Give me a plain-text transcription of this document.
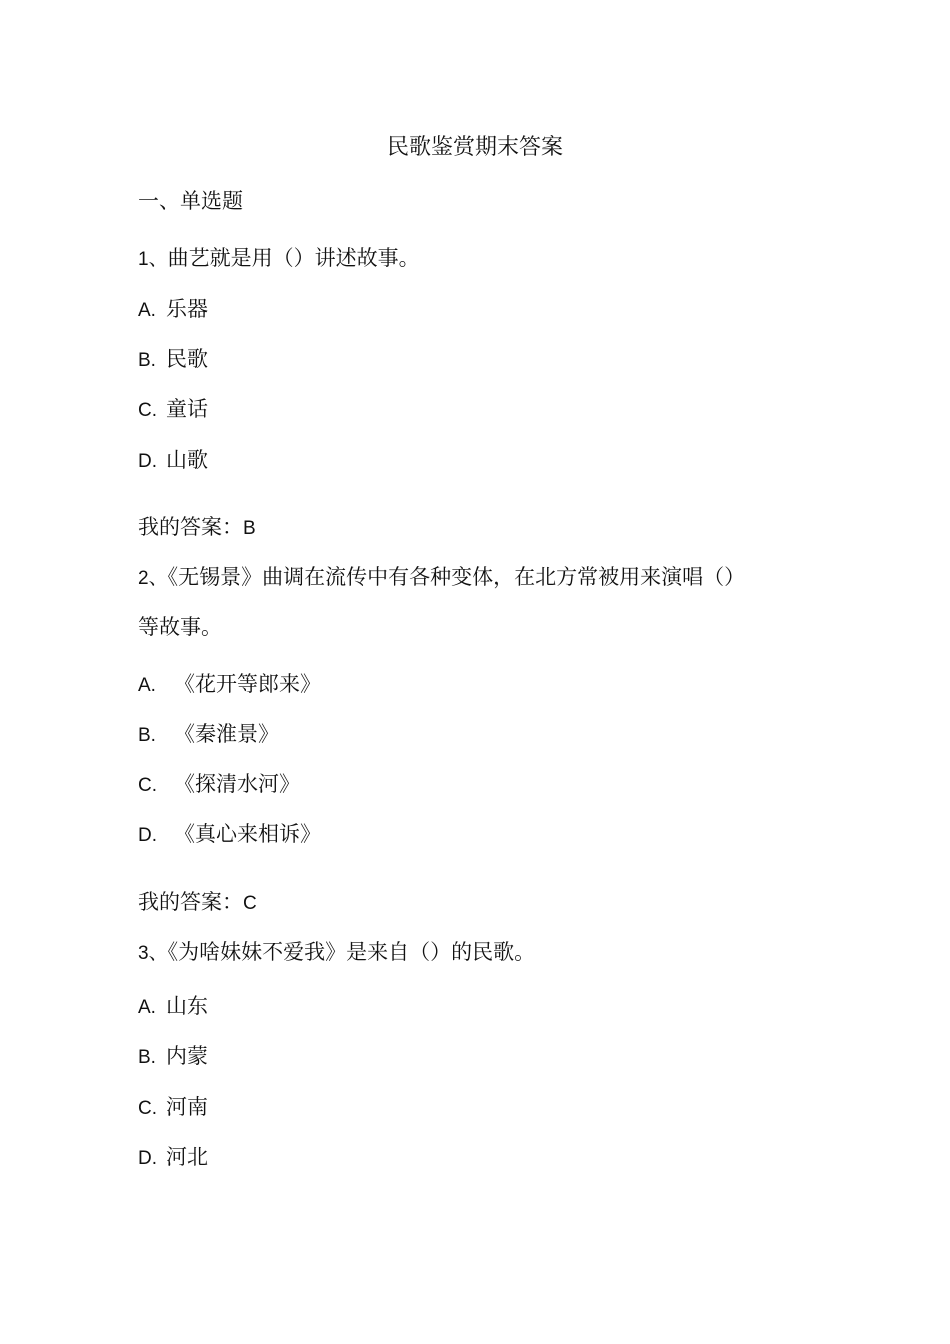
民歌鉴赏期末答案
一、单选题
1、曲艺就是用（）讲述故事。
A. 乐器
B. 民歌
C. 童话
D. 山歌
我的答案：B
2、《无锡景》曲调在流传中有各种变体，在北方常被用来演唱（）
等故事。
A. 《花开等郎来》
B. 《秦淮景》
C. 《探清水河》
D. 《真心来相诉》
我的答案：C
3、《为啥妹妹不爱我》是来自（）的民歌。
A. 山东
B. 内蒙
C. 河南
D. 河北
